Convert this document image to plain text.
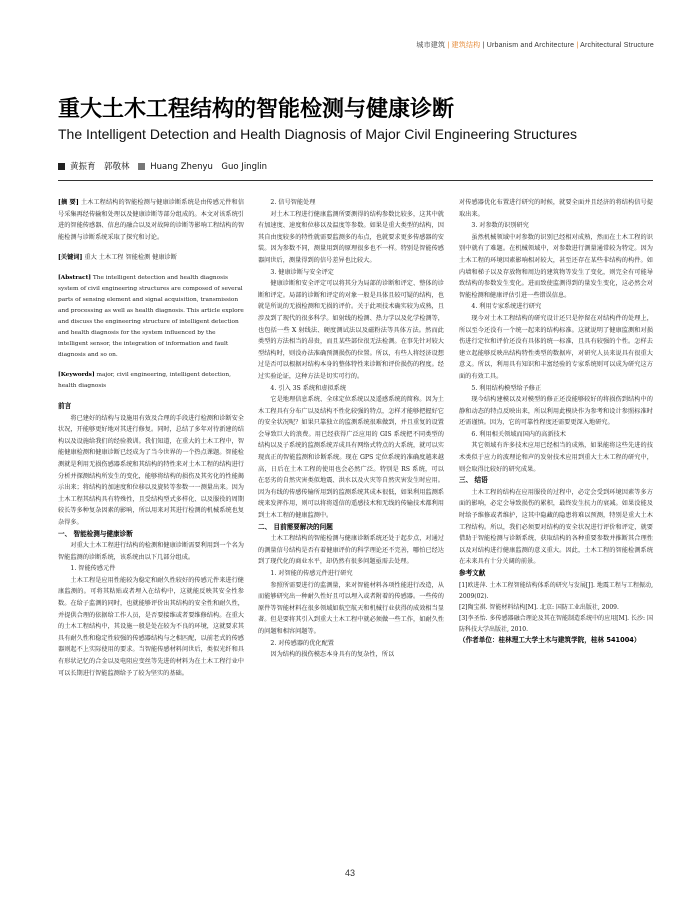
城市建筑 | 建筑结构 | Urbanism and Architecture | Architectural Structure
重大土木工程结构的智能检测与健康诊断
The Intelligent Detection and Health Diagnosis of Major Civil Engineering Structures
黄振育　郭敬林 Huang Zhenyu　Guo Jinglin

[摘 要] 土木工程结构的智能检测与健康诊断系统是由传感元件和信号采集再经传输和处理以及健康诊断等部分组成的。本文对该系统引进的智能传感器、信息的融合以及对故障的诊断等影响工程结构的智能检测与诊断系统采取了探究和讨论。

[关键词] 重大 土木工程 智能检测 健康诊断

[Abstract] The intelligent detection and health diagnosis system of civil engineering structures are composed of several parts of sensing element and signal acquisition, transmission and processing as well as health diagnosis. This article explore and discuss the engineering structure of intelligent detection and health diagnosis for the system influenced by the intelligent sensor, the integration of information and fault diagnosis and so on.

[Keywords] major, civil engineering, intelligent detection, health diagnosis

前言

将已建好的结构与设施用有效及合理的手段进行检测和诊断安全状况，开能够更好地对其进行修复。同时，总结了多年对待新建的结构以及设施给我们的经验教训。我们知道，在重大的土木工程中，智能健康检测和健康诊断已经成为了当今世界的一个热点课题。智能检测就是利用无损伤感器系统和其结构的特性来对土木工程的结构进行分析并探测结构所发生的变化，能够将结构的损伤及其劣化的性能揭示出来；将结构的加速度和位移以及旋转等参数一一测量出来。因为土木工程其结构具有特殊性，且受结构型式多样化、以及服役的周期较长等多种复杂因素的影响，所以用来对其进行检测的机械系统也复杂得多。

一、 智能检测与健康诊断

对重大土木工程进行结构的检测和健康诊断需要利用到一个名为智能监测的诊断系统，该系统由以下几部分组成。

1. 智能传感元件

土木工程是应用性能较为稳定和耐久性较好的传感元件来进行健康监测的。可将其粘贴或者埋入在结构中，这就能反映其安全性参数。在给子监测的同时，也就能够评价出其结构的安全性和耐久性，并提供合理的依据给工作人员，是否要接维或者要维修结构。在重大的土木工程结构中，其设施一般是处在较为不良的环境，这就要求其具有耐久性和稳定性较强的传感器结构与之相匹配，以前老式的传感器则起不上实际使用的要求。当智能传感材料问世后，类似光纤和具有形状记忆的合金以及电阻应变丝等先进的材料为在土木工程行业中可以长期进行智能监测给予了较为坚实的基础。

2. 信号智能处理

对土木工程进行健康监测所要测得的结构参数比较多，这其中就有加速度、速度和位移以及温度等参数。如果是重大类型的结构，因其自由度较多的特性就需要监测多的布点，也就要求更多传感器的安装。因为参数不同，测量用到的原理很多也不一样。特别是智能传感器问世后，测量得到的信号差异也比较大。

3. 健康诊断与安全评定

健康诊断和安全评定可以将其分为局部的诊断和评定、整体的诊断和评定。局部的诊断和评定的对象一般是具体且较可疑的结构，也就是所说的无损检测和无损的评价。关于此项技术确实较为成熟，且涉及到了现代的很多科学。如射线的检测、热力学以及化学检测等，也包括一些 X 射线法、硬度测试法以及磁粉法等具体方法。然而此类型的方法相当的昂贵，而且某些部位很无法检测。在事先针对较大型结构时，则没办法准确预测损伤的位置。所以，有些人将经济设想过是否可以根据对结构本身的整体特性来诊断和评价损伤的程度。经过实验论证，这种方法是切实可行的。

4. 引入 3S 系统和虚拟系统

它是地理信息系统、全球定位系统以及遥感系统的简称。因为土木工程具有分布广以及结构不性化较强的特点，怎样才能够把握好它的安全状况呢？如果只靠独立的监测系统很难做到，并且重复的设置会导致巨大的浪费。用已经获得广泛应用的 GIS 系统把不同类型的结构以及子系统的监测系统弄成具有网络式特点的大系统，就可以实现真正的智能监测和诊断系统。现在 GPS 定位系统的准确度越来越高，日后在土木工程的使用也会必然广泛。特别是 RS 系统，可以在恶劣的自然灾害类似地震、洪水以及火灾等自然灾害发生时应用。因为有线的传感传输所用到的监测系统其成本很低，如果利用监测系统来发挥作用，则可以将将遥信的遥感技术和无线的传输技术都利用到土木工程的健康监测中。

二、 目前需要解决的问题

土木工程结构的智能检测与健康诊断系统还处于起步点，对通过的测量信号结构是否有着健康评价的科学理论还不完善，哪怕已经达到了现代化的商业水平，却仍然有很多问题亟需去处理。

1. 对智能的传感元件进行研究

参照所需要进行的监测量，来对智能材料各项性能进行改造，从而能够研究出一种耐久性好且可以埋入或者附着的传感器。一些传的原件等智能材料在很多领域如航空航天和机械行业获得的成效相当显著。但是要将其引入到重大土木工程中就必须做一些工作，如耐久性的问题和相容问题等。

2. 对传感器的优化配置

因为结构的损伤模态本身具有的复杂性，所以

对传感器优化布置进行研究的时候，就要全面并且经济的将结构信号提取出来。

3. 对参数的识别研究

虽然机械领域中对参数的识别已经相对成熟，然而在土木工程的识别中就有了难题。在机械领域中，对参数进行测量通常较为特定。因为土木工程的环境因素影响相对较大，甚至还存在某些非结构的构件。如内墙和梯子以及存放物和周边的建筑物等发生了变化，则完全有可能导致结构的参数发生变化。进而致使监测得到的量发生变化，这必然会对智能检测和健康评估引进一些错误信息。

4. 利用专家系统进行研究

现今对土木工程结构的研究设计还只是停留在对结构件的处理上，所以至今还没有一个统一起来的结构标准。这就说明了健康监测和对损伤进行定位和评价还没有具体的统一标准，且具有较强的个性。怎样去建立起能够反映出结构特性类型的数据库，对研究人员来说具有很重大意义。所以，利用具有知识和丰富经验的专家系统则可以成为研究这方面的有效工具。

5. 利用结构模型给予修正

现今结构建模以及对模型的修正还没能够较好的将损伤到结构中的静和动态的特点反映出来，所以利用此模块作为参考和设计参照标准时还需谨慎。因为，它的可靠性程度还需要更深入地研究。

6. 利用相关领域而国内的高新技术

其它领域有许多技术应用已经相当的成熟，如果能将这些先进的技术类似于应力的波理论和声的发射技术应用到重大土木工程的研究中，则会取得比较好的研究成果。

三、 结语

土木工程的结构在应用服役的过程中，必定会受到环境因素等多方面的影响，必定会导致损伤的累积，最终发生抗力的衰减。如果没能及时给予维修或者维护，这其中隐藏的隐患将难以预测，特别是重大土木工程结构。所以，我们必须要对结构的安全状况进行评价和评定，就要借助于智能检测与诊断系统，获取结构的各种重要参数并推断其合理性以及对结构进行健康监测的意义重大。因此，土木工程的智能检测系统在未来具有十分关阔的前景。

参考文献

[1]欧进萍. 土木工程智能结构体系的研究与发展[J]. 地震工程与工程振动, 2009(02).

[2]陶宝祺. 智能材料结构[M]. 北京: 国防工业出版社, 2009.

[3]李圣怡. 多传感器融合理论及其在智能制造系统中的应用[M]. 长沙: 国防科技大学出版社, 2010.

（作者单位：桂林理工大学土木与建筑学院，桂林 541004）

43
